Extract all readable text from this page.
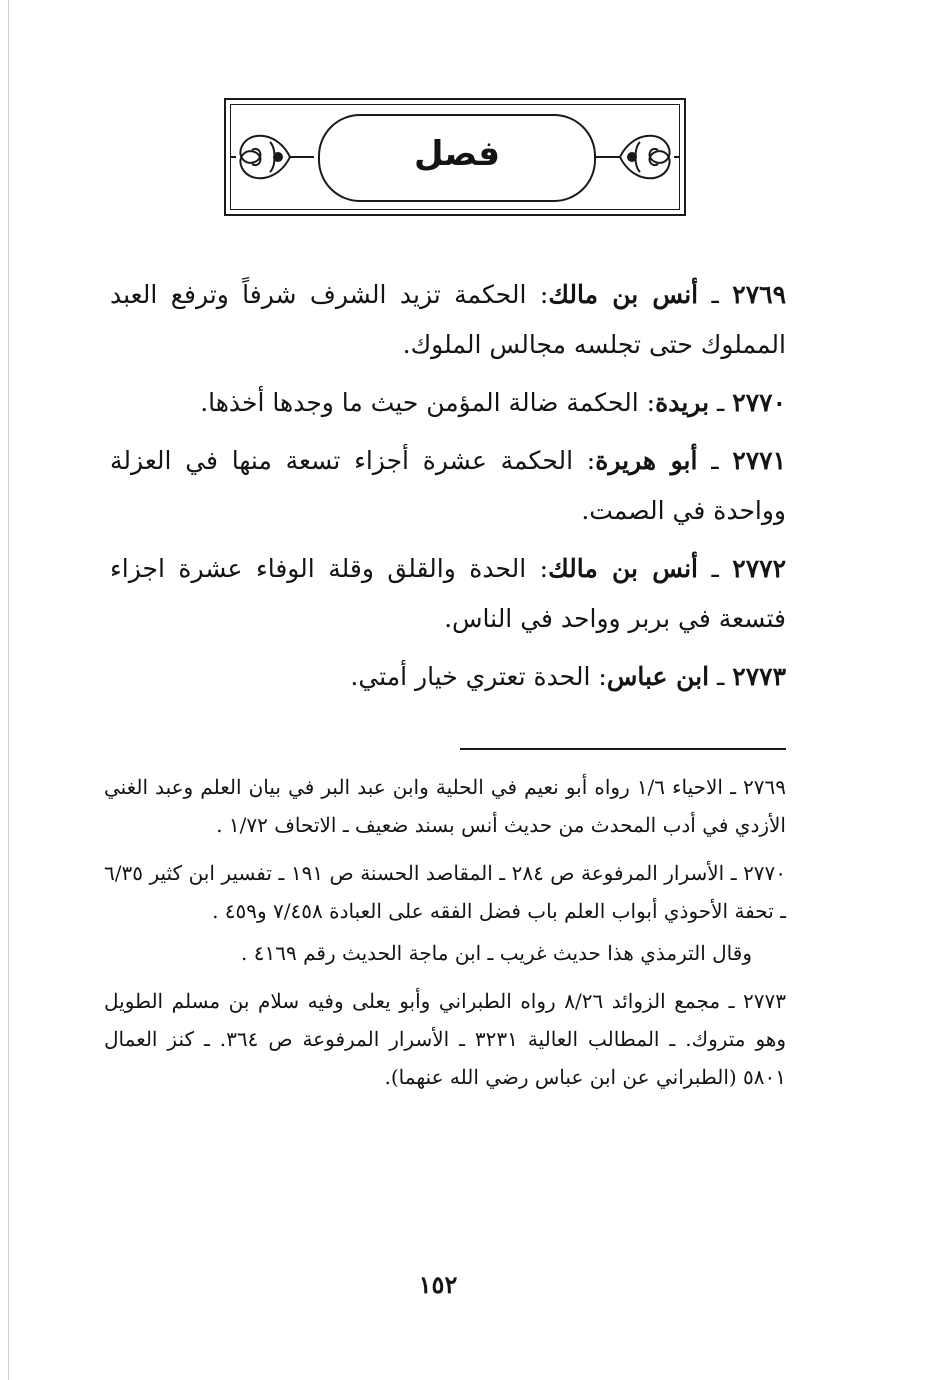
فصل
٢٧٦٩ ـ أنس بن مالك: الحكمة تزيد الشرف شرفاً وترفع العبد المملوك حتى تجلسه مجالس الملوك.
٢٧٧٠ ـ بريدة: الحكمة ضالة المؤمن حيث ما وجدها أخذها.
٢٧٧١ ـ أبو هريرة: الحكمة عشرة أجزاء تسعة منها في العزلة وواحدة في الصمت.
٢٧٧٢ ـ أنس بن مالك: الحدة والقلق وقلة الوفاء عشرة اجزاء فتسعة في بربر وواحد في الناس.
٢٧٧٣ ـ ابن عباس: الحدة تعتري خيار أمتي.
٢٧٦٩ ـ الاحياء ١/٦ رواه أبو نعيم في الحلية وابن عبد البر في بيان العلم وعبد الغني الأزدي في أدب المحدث من حديث أنس بسند ضعيف ـ الاتحاف ١/٧٢ .
٢٧٧٠ ـ الأسرار المرفوعة ص ٢٨٤ ـ المقاصد الحسنة ص ١٩١ ـ تفسير ابن كثير ٦/٣٥ ـ تحفة الأحوذي أبواب العلم باب فضل الفقه على العبادة ٧/٤٥٨ و٤٥٩ .
وقال الترمذي هذا حديث غريب ـ ابن ماجة الحديث رقم ٤١٦٩ .
٢٧٧٣ ـ مجمع الزوائد ٨/٢٦ رواه الطبراني وأبو يعلى وفيه سلام بن مسلم الطويل وهو متروك. ـ المطالب العالية ٣٢٣١ ـ الأسرار المرفوعة ص ٣٦٤. ـ كنز العمال ٥٨٠١ (الطبراني عن ابن عباس رضي الله عنهما).
١٥٢
